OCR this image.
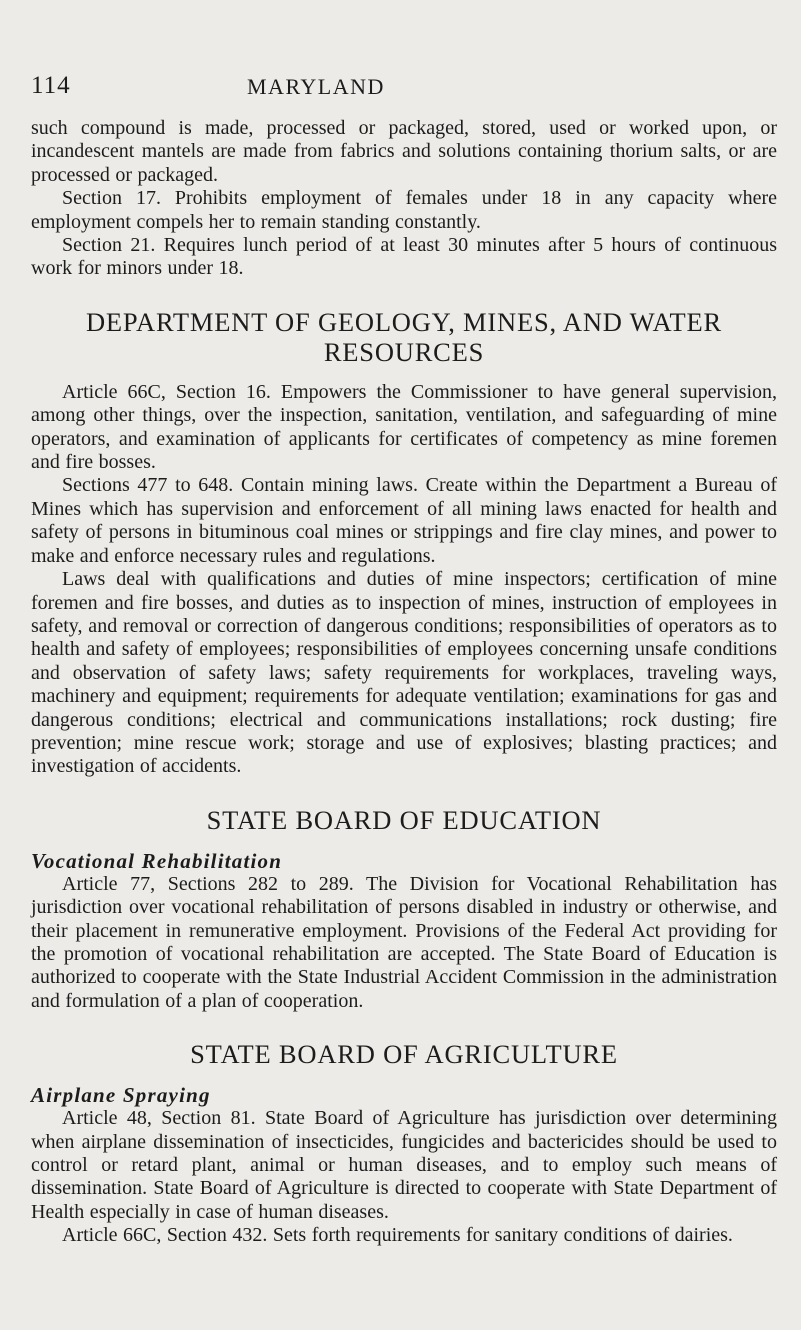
114	MARYLAND

such compound is made, processed or packaged, stored, used or worked upon, or incandescent mantels are made from fabrics and solutions containing thorium salts, or are processed or packaged.

Section 17. Prohibits employment of females under 18 in any capacity where employment compels her to remain standing constantly.

Section 21. Requires lunch period of at least 30 minutes after 5 hours of continuous work for minors under 18.

DEPARTMENT OF GEOLOGY, MINES, AND WATER
RESOURCES

Article 66C, Section 16. Empowers the Commissioner to have general supervision, among other things, over the inspection, sanitation, ventilation, and safeguarding of mine operators, and examination of applicants for certificates of competency as mine foremen and fire bosses.

Sections 477 to 648. Contain mining laws. Create within the Department a Bureau of Mines which has supervision and enforcement of all mining laws enacted for health and safety of persons in bituminous coal mines or strippings and fire clay mines, and power to make and enforce necessary rules and regulations.

Laws deal with qualifications and duties of mine inspectors; certification of mine foremen and fire bosses, and duties as to inspection of mines, instruction of employees in safety, and removal or correction of dangerous conditions; responsibilities of operators as to health and safety of employees; responsibilities of employees concerning unsafe conditions and observation of safety laws; safety requirements for workplaces, traveling ways, machinery and equipment; requirements for adequate ventilation; examinations for gas and dangerous conditions; electrical and communications installations; rock dusting; fire prevention; mine rescue work; storage and use of explosives; blasting practices; and investigation of accidents.

STATE BOARD OF EDUCATION
Vocational Rehabilitation

Article 77, Sections 282 to 289. The Division for Vocational Rehabilitation has jurisdiction over vocational rehabilitation of persons disabled in industry or otherwise, and their placement in remunerative employment. Provisions of the Federal Act providing for the promotion of vocational rehabilitation are accepted. The State Board of Education is authorized to cooperate with the State Industrial Accident Commission in the administration and formulation of a plan of cooperation.

STATE BOARD OF AGRICULTURE
Airplane Spraying

Article 48, Section 81. State Board of Agriculture has jurisdiction over determining when airplane dissemination of insecticides, fungicides and bactericides should be used to control or retard plant, animal or human diseases, and to employ such means of dissemination. State Board of Agriculture is directed to cooperate with State Department of Health especially in case of human diseases.

Article 66C, Section 432. Sets forth requirements for sanitary conditions of dairies.
